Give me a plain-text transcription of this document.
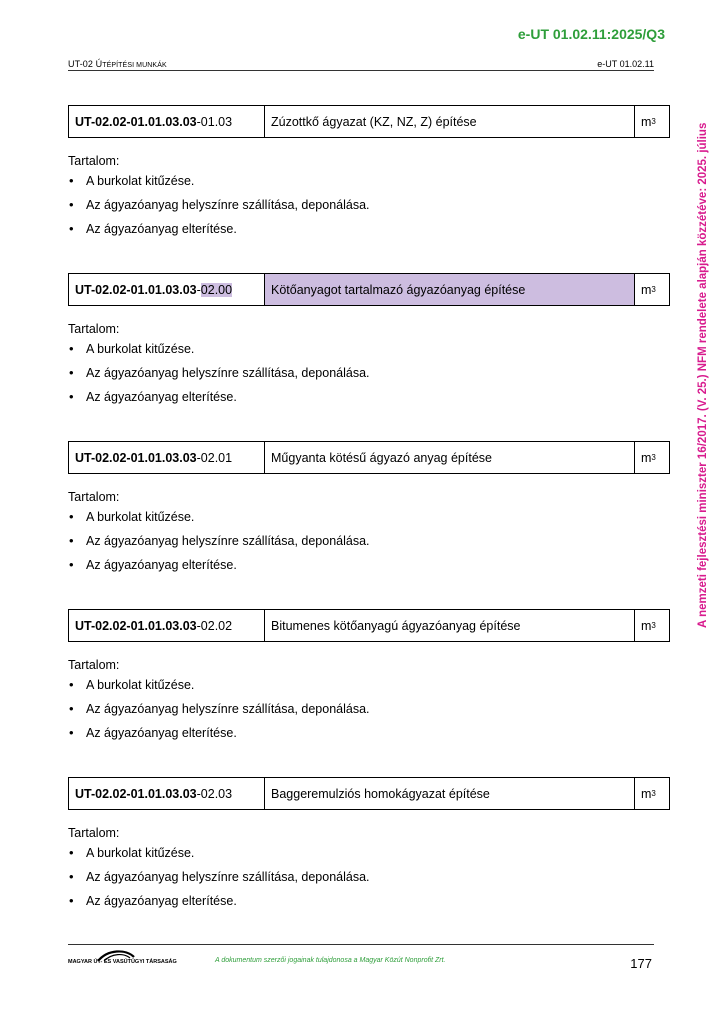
e-UT 01.02.11:2025/Q3
UT-02 ÚTÉPÍTÉSI MUNKÁK	e-UT 01.02.11
A nemzeti fejlesztési miniszter 16/2017. (V. 25.) NFM rendelete alapján közzétéve: 2025. július
UT-02.02-01.01.03.03 -01.03	Zúzottkő ágyazat (KZ, NZ, Z) építése	m 3
Tartalom:
• A burkolat kitűzése.
• Az ágyazóanyag helyszínre szállítása, deponálása.
• Az ágyazóanyag elterítése.
UT-02.02-01.01.03.03 - 02.00	Kötőanyagot tartalmazó ágyazóanyag építése	m 3
Tartalom:
• A burkolat kitűzése.
• Az ágyazóanyag helyszínre szállítása, deponálása.
• Az ágyazóanyag elterítése.
UT-02.02-01.01.03.03 -02.01	Műgyanta kötésű ágyazó anyag építése	m 3
Tartalom:
• A burkolat kitűzése.
• Az ágyazóanyag helyszínre szállítása, deponálása.
• Az ágyazóanyag elterítése.
UT-02.02-01.01.03.03 -02.02	Bitumenes kötőanyagú ágyazóanyag építése	m 3
Tartalom:
• A burkolat kitűzése.
• Az ágyazóanyag helyszínre szállítása, deponálása.
• Az ágyazóanyag elterítése.
UT-02.02-01.01.03.03 -02.03	Baggeremulziós homokágyazat építése	m 3
Tartalom:
• A burkolat kitűzése.
• Az ágyazóanyag helyszínre szállítása, deponálása.
• Az ágyazóanyag elterítése.
MAGYAR ÚT- ÉS VASÚTÜGYI TÁRSASÁG	A dokumentum szerzői jogainak tulajdonosa a Magyar Közút Nonprofit Zrt.	177
